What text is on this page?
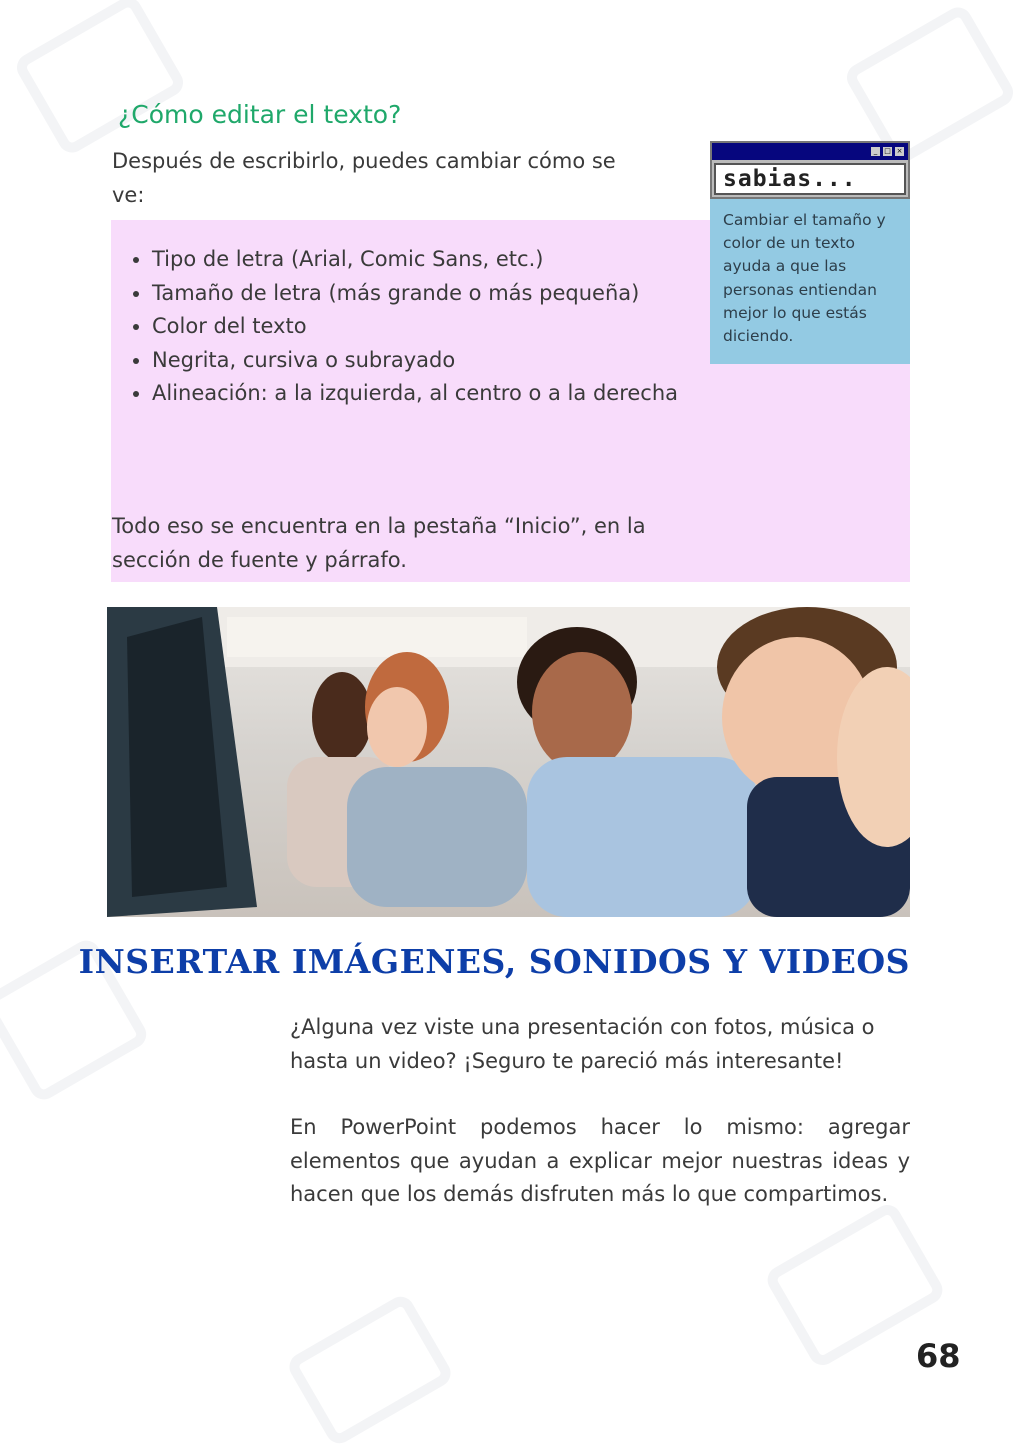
¿Cómo editar el texto?

Después de escribirlo, puedes cambiar cómo se ve:

• Tipo de letra (Arial, Comic Sans, etc.)
• Tamaño de letra (más grande o más pequeña)
• Color del texto
• Negrita, cursiva o subrayado
• Alineación: a la izquierda, al centro o a la derecha

Todo eso se encuentra en la pestaña “Inicio”, en la sección de fuente y párrafo.

_ □ ×
sabias...

Cambiar el tamaño y color de un texto ayuda a que las personas entiendan mejor lo que estás diciendo.

INSERTAR IMÁGENES, SONIDOS Y VIDEOS

¿Alguna vez viste una presentación con fotos, música o hasta un video? ¡Seguro te pareció más interesante!

En PowerPoint podemos hacer lo mismo: agregar elementos que ayudan a explicar mejor nuestras ideas y hacen que los demás disfruten más lo que compartimos.

68
